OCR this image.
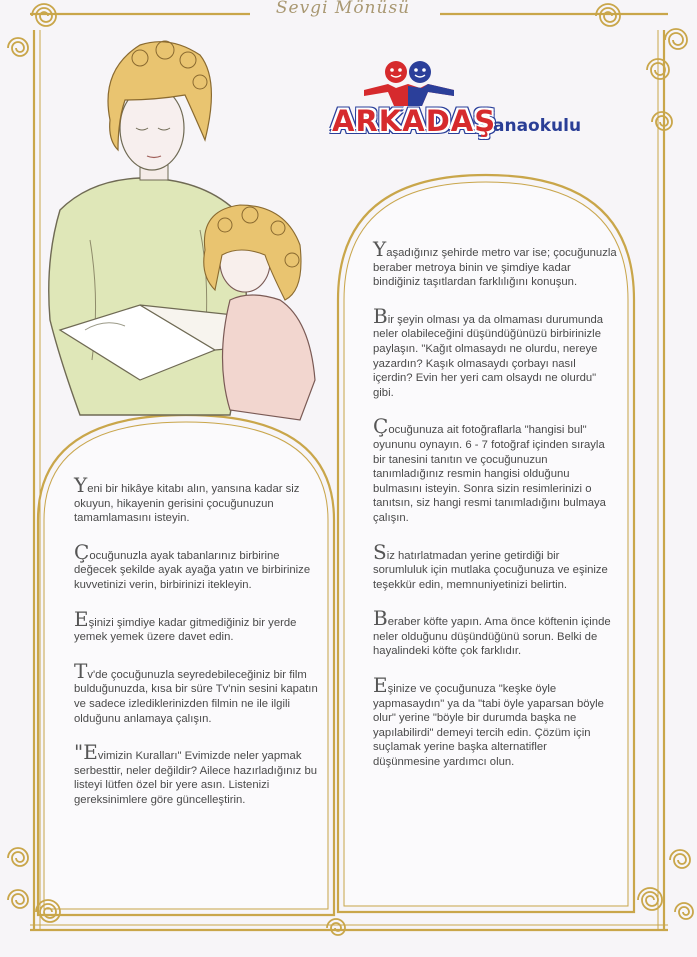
Sevgi Mönüsü
ARKADAŞ
anaokulu

Yeni bir hikâye kitabı alın, yansına kadar siz okuyun, hikayenin gerisini çocuğunuzun tamamlamasını isteyin.

Çocuğunuzla ayak tabanlarınız birbirine değecek şekilde ayak ayağa yatın ve birbirinize kuvvetinizi verin, birbirinizi itekleyin.

Eşinizi şimdiye kadar gitmediğiniz bir yerde yemek yemek üzere davet edin.

Tv'de çocuğunuzla seyredebileceğiniz bir film bulduğunuzda, kısa bir süre Tv'nin sesini kapatın ve sadece izlediklerinizden filmin ne ile ilgili olduğunu anlamaya çalışın.

"Evimizin Kuralları" Evimizde neler yapmak serbesttir, neler değildir? Ailece hazırladığınız bu listeyi lütfen özel bir yere asın. Listenizi gereksinimlere göre güncelleştirin.

Yaşadığınız şehirde metro var ise; çocuğunuzla beraber metroya binin ve şimdiye kadar bindiğiniz taşıtlardan farklılığını konuşun.

Bir şeyin olması ya da olmaması durumunda neler olabileceğini düşündüğünüzü birbirinizle paylaşın. "Kağıt olmasaydı ne olurdu, nereye yazardın? Kaşık olmasaydı çorbayı nasıl içerdin? Evin her yeri cam olsaydı ne olurdu" gibi.

Çocuğunuza ait fotoğraflarla "hangisi bul" oyununu oynayın. 6 - 7 fotoğraf içinden sırayla bir tanesini tanıtın ve çocuğunuzun tanımladığınız resmin hangisi olduğunu bulmasını isteyin. Sonra sizin resimlerinizi o tanıtsın, siz hangi resmi tanımladığını bulmaya çalışın.

Siz hatırlatmadan yerine getirdiği bir sorumluluk için mutlaka çocuğunuza ve eşinize teşekkür edin, memnuniyetinizi belirtin.

Beraber köfte yapın. Ama önce köftenin içinde neler olduğunu düşündüğünü sorun. Belki de hayalindeki köfte çok farklıdır.

Eşinize ve çocuğunuza "keşke öyle yapmasaydın" ya da "tabi öyle yaparsan böyle olur" yerine "böyle bir durumda başka ne yapılabilirdi" demeyi tercih edin. Çözüm için suçlamak yerine başka alternatifler düşünmesine yardımcı olun.
